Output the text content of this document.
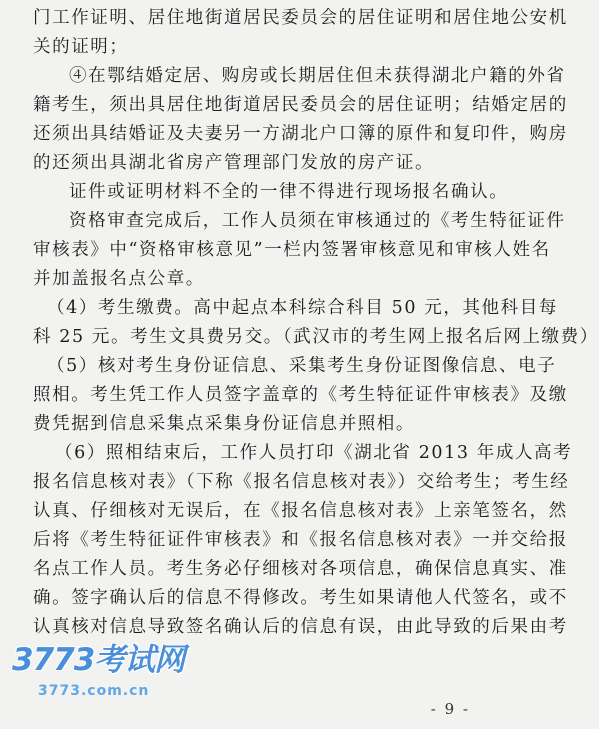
门工作证明、居住地街道居民委员会的居住证明和居住地公安机
关的证明；
④在鄂结婚定居、购房或长期居住但未获得湖北户籍的外省
籍考生，须出具居住地街道居民委员会的居住证明；结婚定居的
还须出具结婚证及夫妻另一方湖北户口簿的原件和复印件，购房
的还须出具湖北省房产管理部门发放的房产证。
证件或证明材料不全的一律不得进行现场报名确认。
资格审查完成后，工作人员须在审核通过的《考生特征证件
审核表》中“资格审核意见”一栏内签署审核意见和审核人姓名
并加盖报名点公章。
（4）考生缴费。高中起点本科综合科目 50 元，其他科目每
科 25 元。考生文具费另交。（武汉市的考生网上报名后网上缴费）
（5）核对考生身份证信息、采集考生身份证图像信息、电子
照相。考生凭工作人员签字盖章的《考生特征证件审核表》及缴
费凭据到信息采集点采集身份证信息并照相。
（6）照相结束后，工作人员打印《湖北省 2013 年成人高考
报名信息核对表》（下称《报名信息核对表》）交给考生；考生经
认真、仔细核对无误后，在《报名信息核对表》上亲笔签名，然
后将《考生特征证件审核表》和《报名信息核对表》一并交给报
名点工作人员。考生务必仔细核对各项信息，确保信息真实、准
确。签字确认后的信息不得修改。考生如果请他人代签名，或不
认真核对信息导致签名确认后的信息有误，由此导致的后果由考
3773考试网
3773.com.cn
- 9 -
